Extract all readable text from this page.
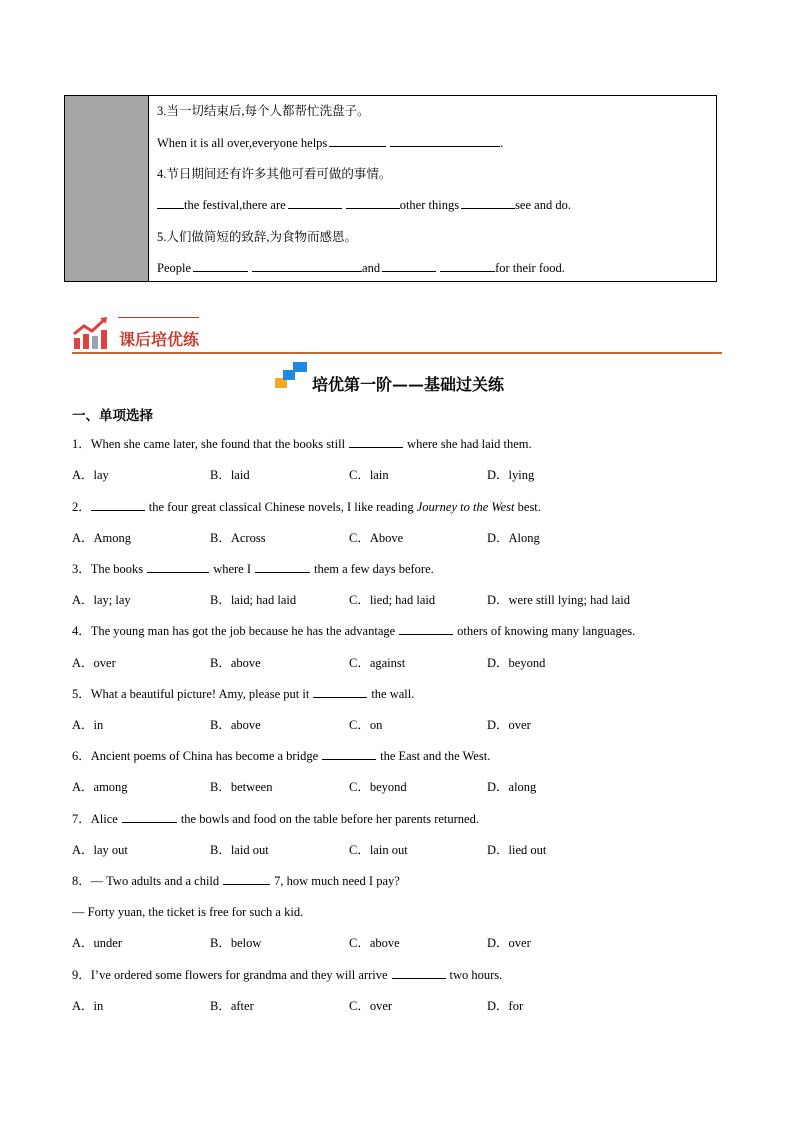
3.当一切结束后,每个人都帮忙洗盘子。
When it is all over,everyone helps	.
4.节日期间还有许多其他可看可做的事情。
the festival,there are	other things	see and do.
5.人们做简短的致辞,为食物而感恩。
People	and	for their food.
课后培优练
培优第一阶——基础过关练
一、单项选择
1．When she came later, she found that the books still	where she had laid them.
A．lay	B．laid	C．lain	D．lying
2．	the four great classical Chinese novels, I like reading Journey to the West best.
A．Among	B．Across	C．Above	D．Along
3．The books	where I	them a few days before.
A．lay; lay	B．laid; had laid	C．lied; had laid	D．were still lying; had laid
4．The young man has got the job because he has the advantage	others of knowing many languages.
A．over	B．above	C．against	D．beyond
5．What a beautiful picture! Amy, please put it	the wall.
A．in	B．above	C．on	D．over
6．Ancient poems of China has become a bridge	the East and the West.
A．among	B．between	C．beyond	D．along
7．Alice	the bowls and food on the table before her parents returned.
A．lay out	B．laid out	C．lain out	D．lied out
8．— Two adults and a child	7, how much need I pay?
— Forty yuan, the ticket is free for such a kid.
A．under	B．below	C．above	D．over
9．I’ve ordered some flowers for grandma and they will arrive	two hours.
A．in	B．after	C．over	D．for
